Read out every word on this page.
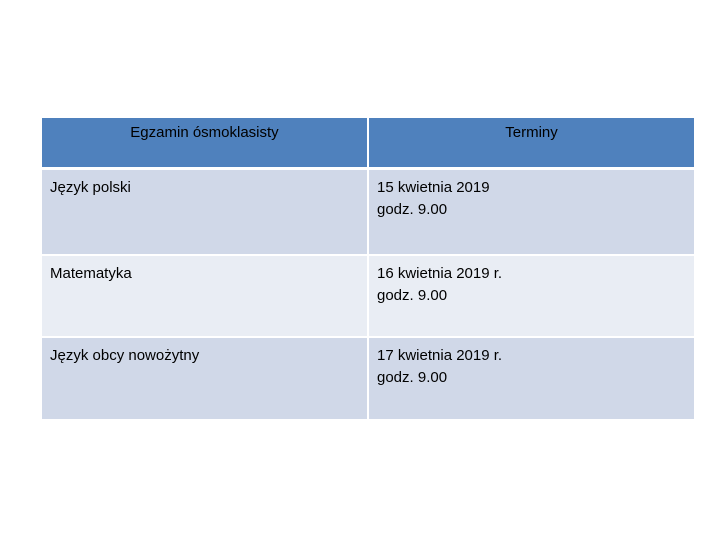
Egzamin ósmoklasisty	Terminy
Język polski	15 kwietnia 2019
godz. 9.00

Matematyka	16 kwietnia 2019 r.
godz. 9.00

Język obcy nowożytny	17 kwietnia 2019 r.
godz. 9.00
